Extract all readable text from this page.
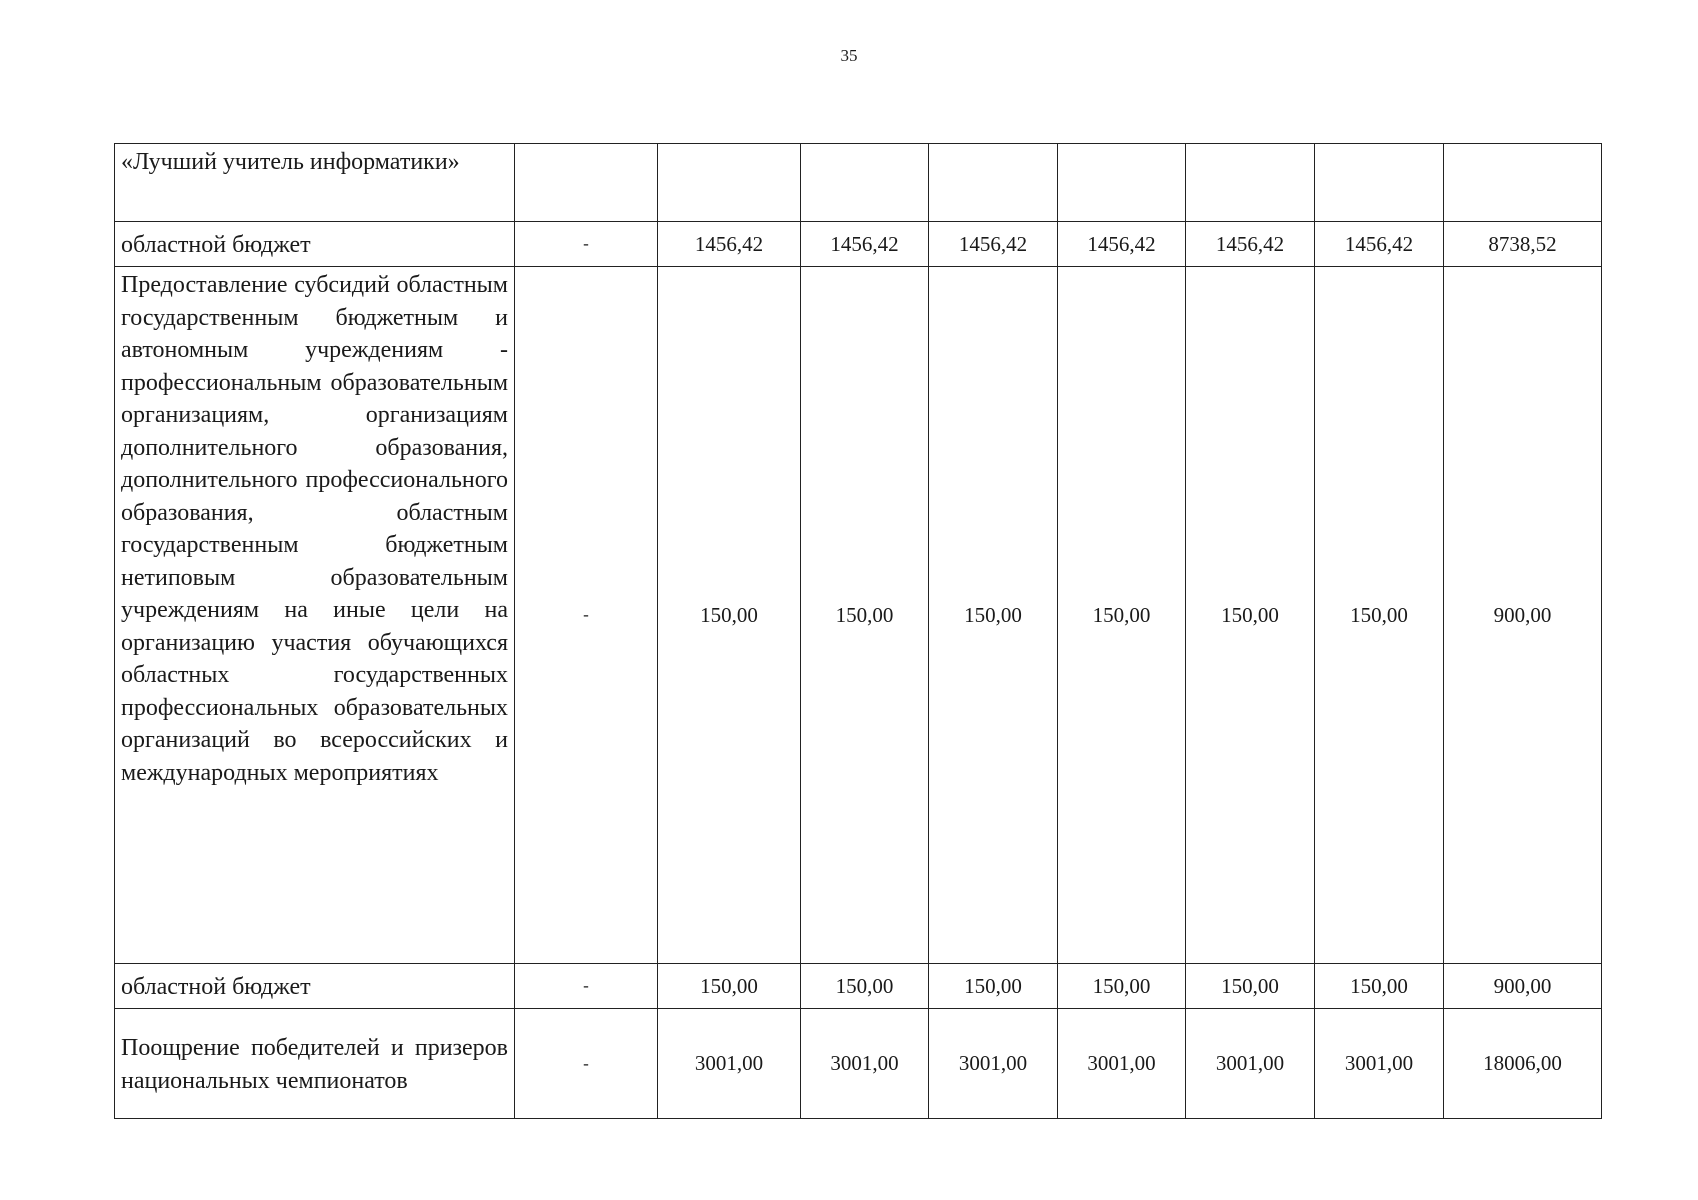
35
«Лучший учитель информатики»								
областной бюджет	-	1456,42	1456,42	1456,42	1456,42	1456,42	1456,42	8738,52
Предоставление субсидий областным государственным бюджетным и автономным учреждениям - профессиональным образовательным организациям, организациям дополнительного образования, дополнительного профессионального образования, областным государственным бюджетным нетиповым образовательным учреждениям на иные цели на организацию участия обучающихся областных государственных профессиональных образовательных организаций во всероссийских и международных мероприятиях	-	150,00	150,00	150,00	150,00	150,00	150,00	900,00
областной бюджет	-	150,00	150,00	150,00	150,00	150,00	150,00	900,00
Поощрение победителей и призеров национальных чемпионатов	-	3001,00	3001,00	3001,00	3001,00	3001,00	3001,00	18006,00
